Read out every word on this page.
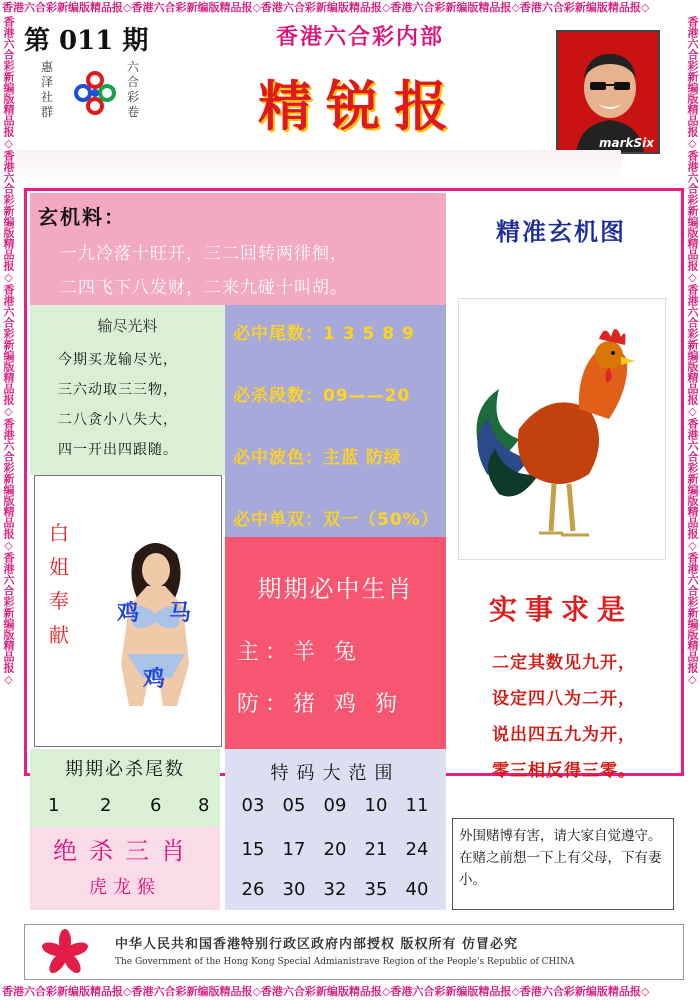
香港六合彩新编版精品报◇香港六合彩新编版精品报◇香港六合彩新编版精品报◇香港六合彩新编版精品报◇香港六合彩新编版精品报◇
香港六合彩新编版精品报◇香港六合彩新编版精品报◇香港六合彩新编版精品报◇香港六合彩新编版精品报◇香港六合彩新编版精品报◇
香港六合彩新编版精品报◇香港六合彩新编版精品报◇香港六合彩新编版精品报◇香港六合彩新编版精品报◇香港六合彩新编版精品报◇	香港六合彩新编版精品报◇香港六合彩新编版精品报◇香港六合彩新编版精品报◇香港六合彩新编版精品报◇香港六合彩新编版精品报◇
第 011 期
惠泽社群
六合彩卷
香港六合彩内部
精锐报
markSix
玄机料：
一九冷落十旺开，三二回转两徘徊，
二四飞下八发财，二来九碰十叫胡。
输尽光料
今期买龙输尽光，
三六动取三三物，
二八贪小八失大，
四一开出四跟随。
必中尾数：1 3 5 8 9
必杀段数：09——20
必中波色：主蓝 防绿
必中单双：双一（50%）
白
姐
奉
献
鸡 马
鸡
期期必中生肖
主：羊 兔
防：猪 鸡 狗
期期必杀尾数
1 2 6 8
绝杀三肖
虎龙猴
特码大范围
03	05	09	10	11
15	17	20	21	24
26	30	32	35	40
精准玄机图
实事求是
二定其数见九开，
设定四八为二开，
说出四五九为开，
零三相反得三零。
外围赌博有害，请大家自觉遵守。在赌之前想一下上有父母，下有妻小。
中华人民共和国香港特别行政区政府内部授权 版权所有 仿冒必究
The Government of the Hong Kong Special Admianistrave Region of the People's Republic of CHINA
